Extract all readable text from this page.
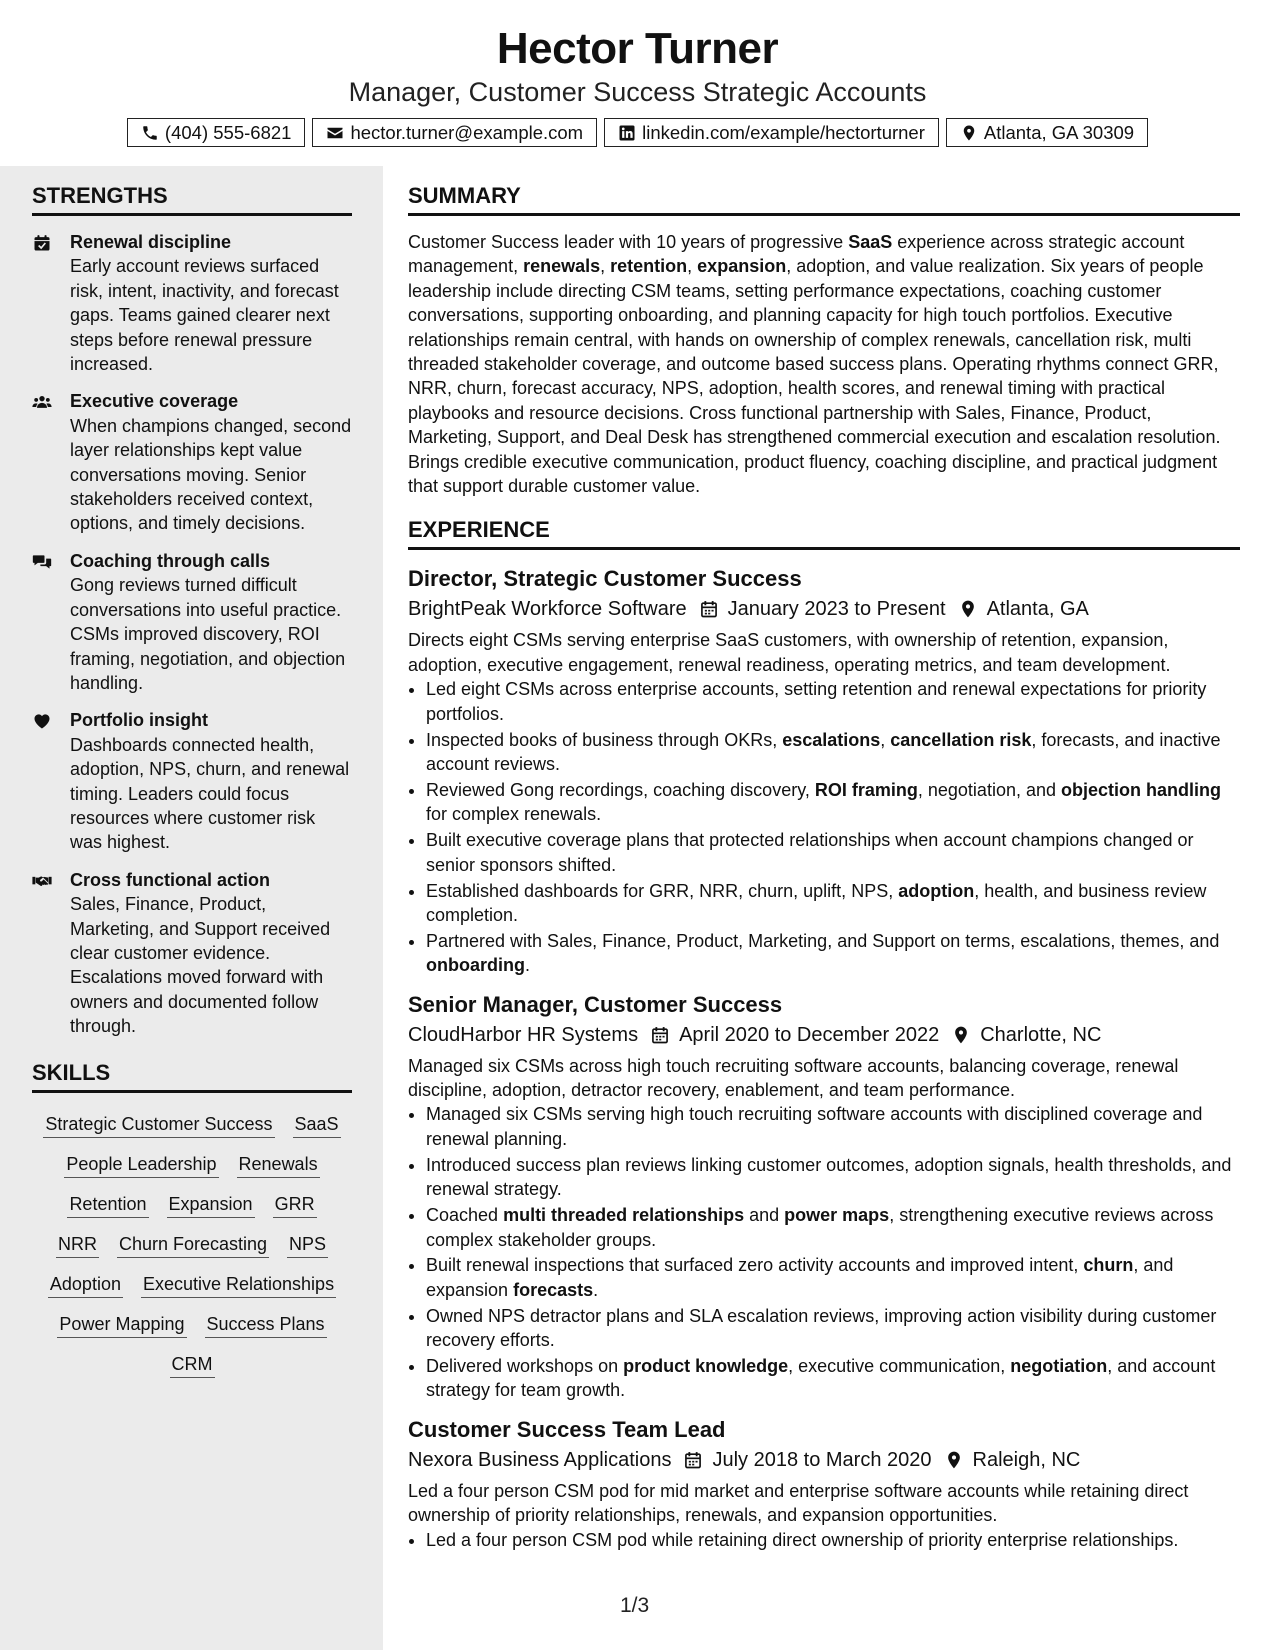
Hector Turner
Manager, Customer Success Strategic Accounts
(404) 555-6821	hector.turner@example.com	linkedin.com/example/hectorturner	Atlanta, GA 30309
STRENGTHS
Renewal discipline
Early account reviews surfaced risk, intent, inactivity, and forecast gaps. Teams gained clearer next steps before renewal pressure increased.
Executive coverage
When champions changed, second layer relationships kept value conversations moving. Senior stakeholders received context, options, and timely decisions.
Coaching through calls
Gong reviews turned difficult conversations into useful practice. CSMs improved discovery, ROI framing, negotiation, and objection handling.
Portfolio insight
Dashboards connected health, adoption, NPS, churn, and renewal timing. Leaders could focus resources where customer risk was highest.
Cross functional action
Sales, Finance, Product, Marketing, and Support received clear customer evidence. Escalations moved forward with owners and documented follow through.
SKILLS
Strategic Customer Success SaaS
People Leadership Renewals
Retention Expansion GRR
NRR Churn Forecasting NPS
Adoption Executive Relationships
Power Mapping Success Plans
CRM
SUMMARY

Customer Success leader with 10 years of progressive SaaS experience across strategic account management, renewals, retention, expansion, adoption, and value realization. Six years of people leadership include directing CSM teams, setting performance expectations, coaching customer conversations, supporting onboarding, and planning capacity for high touch portfolios. Executive relationships remain central, with hands on ownership of complex renewals, cancellation risk, multi threaded stakeholder coverage, and outcome based success plans. Operating rhythms connect GRR, NRR, churn, forecast accuracy, NPS, adoption, health scores, and renewal timing with practical playbooks and resource decisions. Cross functional partnership with Sales, Finance, Product, Marketing, Support, and Deal Desk has strengthened commercial execution and escalation resolution. Brings credible executive communication, product fluency, coaching discipline, and practical judgment that support durable customer value.

EXPERIENCE
Director, Strategic Customer Success
BrightPeak Workforce Software January 2023 to Present Atlanta, GA
Directs eight CSMs serving enterprise SaaS customers, with ownership of retention, expansion, adoption, executive engagement, renewal readiness, operating metrics, and team development.
• Led eight CSMs across enterprise accounts, setting retention and renewal expectations for priority portfolios.
• Inspected books of business through OKRs, escalations, cancellation risk, forecasts, and inactive account reviews.
• Reviewed Gong recordings, coaching discovery, ROI framing, negotiation, and objection handling for complex renewals.
• Built executive coverage plans that protected relationships when account champions changed or senior sponsors shifted.
• Established dashboards for GRR, NRR, churn, uplift, NPS, adoption, health, and business review completion.
• Partnered with Sales, Finance, Product, Marketing, and Support on terms, escalations, themes, and onboarding.
Senior Manager, Customer Success
CloudHarbor HR Systems April 2020 to December 2022 Charlotte, NC
Managed six CSMs across high touch recruiting software accounts, balancing coverage, renewal discipline, adoption, detractor recovery, enablement, and team performance.
• Managed six CSMs serving high touch recruiting software accounts with disciplined coverage and renewal planning.
• Introduced success plan reviews linking customer outcomes, adoption signals, health thresholds, and renewal strategy.
• Coached multi threaded relationships and power maps, strengthening executive reviews across complex stakeholder groups.
• Built renewal inspections that surfaced zero activity accounts and improved intent, churn, and expansion forecasts.
• Owned NPS detractor plans and SLA escalation reviews, improving action visibility during customer recovery efforts.
• Delivered workshops on product knowledge, executive communication, negotiation, and account strategy for team growth.
Customer Success Team Lead
Nexora Business Applications July 2018 to March 2020 Raleigh, NC
Led a four person CSM pod for mid market and enterprise software accounts while retaining direct ownership of priority relationships, renewals, and expansion opportunities.
• Led a four person CSM pod while retaining direct ownership of priority enterprise relationships.
1/3
